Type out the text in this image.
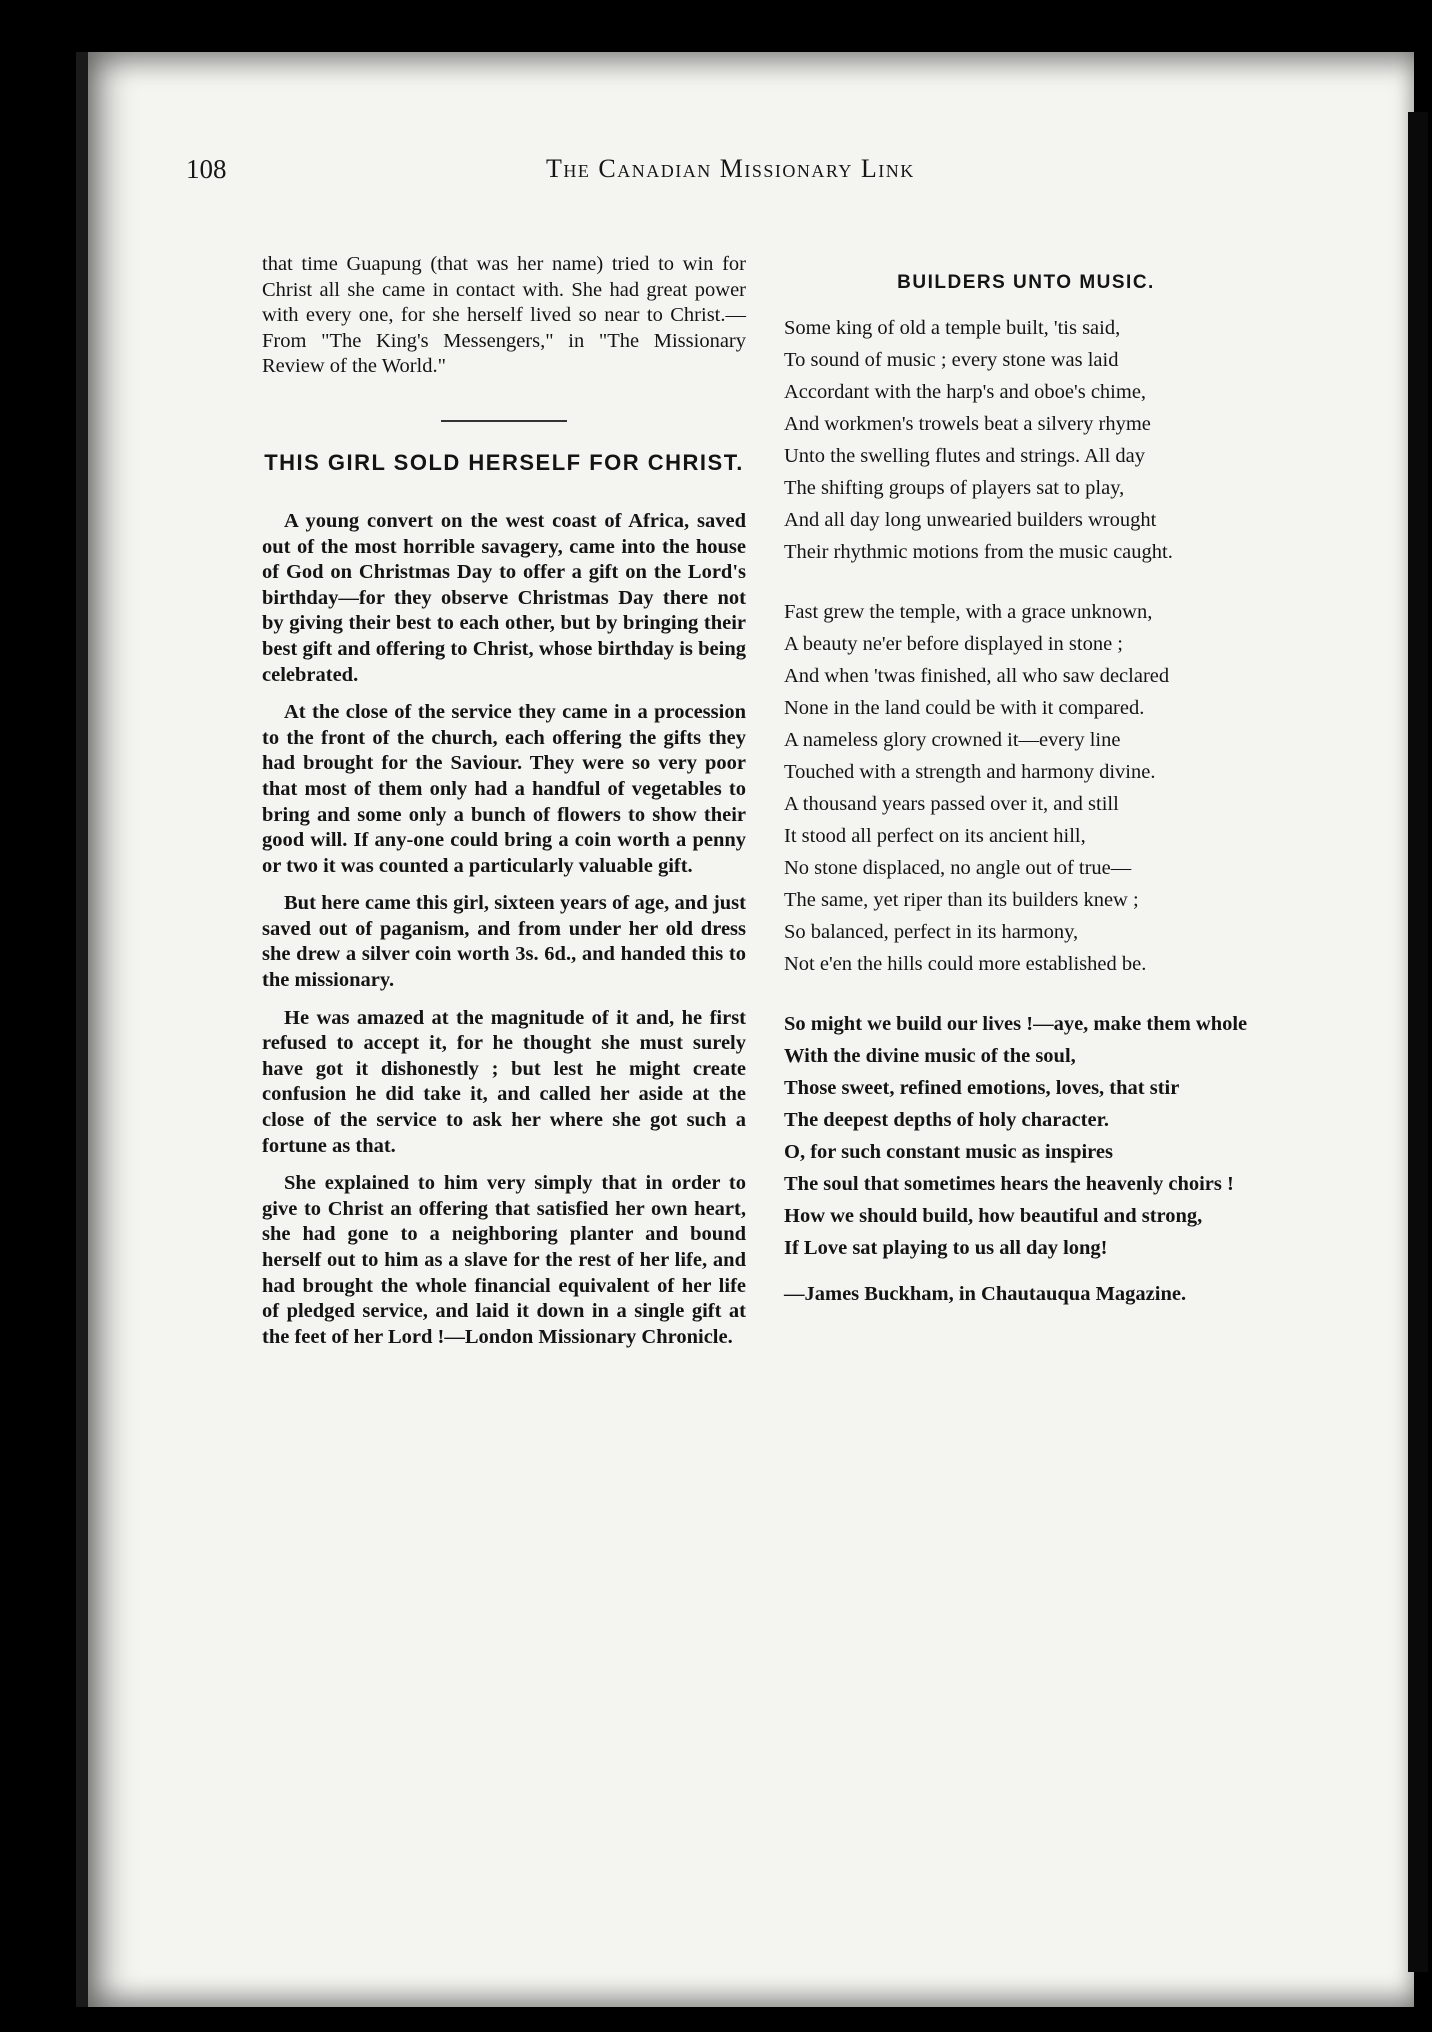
108	The Canadian Missionary Link

that time Guapung (that was her name) tried to win for Christ all she came in contact with. She had great power with every one, for she herself lived so near to Christ.—From "The King's Messengers," in "The Missionary Review of the World."

THIS GIRL SOLD HERSELF FOR CHRIST.

A young convert on the west coast of Africa, saved out of the most horrible savagery, came into the house of God on Christmas Day to offer a gift on the Lord's birthday—for they observe Christmas Day there not by giving their best to each other, but by bringing their best gift and offering to Christ, whose birthday is being celebrated.

At the close of the service they came in a procession to the front of the church, each offering the gifts they had brought for the Saviour. They were so very poor that most of them only had a handful of vegetables to bring and some only a bunch of flowers to show their good will. If any-one could bring a coin worth a penny or two it was counted a particularly valuable gift.

But here came this girl, sixteen years of age, and just saved out of paganism, and from under her old dress she drew a silver coin worth 3s. 6d., and handed this to the missionary.

He was amazed at the magnitude of it and, he first refused to accept it, for he thought she must surely have got it dishonestly ; but lest he might create confusion he did take it, and called her aside at the close of the service to ask her where she got such a fortune as that.

She explained to him very simply that in order to give to Christ an offering that satisfied her own heart, she had gone to a neighboring planter and bound herself out to him as a slave for the rest of her life, and had brought the whole financial equivalent of her life of pledged service, and laid it down in a single gift at the feet of her Lord !—London Missionary Chronicle.

BUILDERS UNTO MUSIC.

Some king of old a temple built, 'tis said,

To sound of music ; every stone was laid

Accordant with the harp's and oboe's chime,

And workmen's trowels beat a silvery rhyme

Unto the swelling flutes and strings. All day

The shifting groups of players sat to play,

And all day long unwearied builders wrought

Their rhythmic motions from the music caught.

Fast grew the temple, with a grace unknown,

A beauty ne'er before displayed in stone ;

And when 'twas finished, all who saw declared

None in the land could be with it compared.

A nameless glory crowned it—every line

Touched with a strength and harmony divine.

A thousand years passed over it, and still

It stood all perfect on its ancient hill,

No stone displaced, no angle out of true—

The same, yet riper than its builders knew ;

So balanced, perfect in its harmony,

Not e'en the hills could more established be.

So might we build our lives !—aye, make them whole

With the divine music of the soul,

Those sweet, refined emotions, loves, that stir

The deepest depths of holy character.

O, for such constant music as inspires

The soul that sometimes hears the heavenly choirs !

How we should build, how beautiful and strong,

If Love sat playing to us all day long!

—James Buckham, in Chautauqua Magazine.
